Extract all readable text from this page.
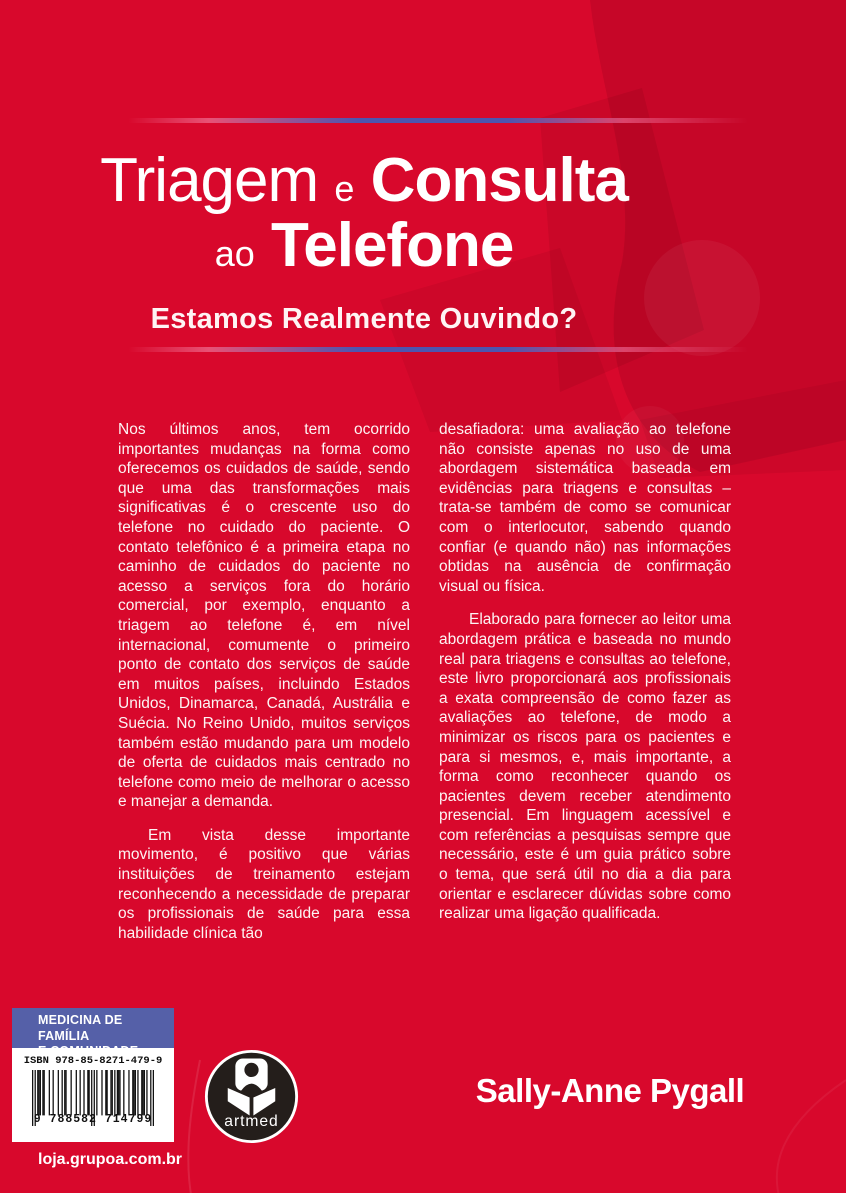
Triagem e Consulta
ao Telefone
Estamos Realmente Ouvindo?

Nos últimos anos, tem ocorrido importantes mudanças na forma como oferecemos os cuidados de saúde, sendo que uma das transformações mais significativas é o crescente uso do telefone no cuidado do paciente. O contato telefônico é a primeira etapa no caminho de cuidados do paciente no acesso a serviços fora do horário comercial, por exemplo, enquanto a triagem ao telefone é, em nível internacional, comumente o primeiro ponto de contato dos serviços de saúde em muitos países, incluindo Estados Unidos, Dinamarca, Canadá, Austrália e Suécia. No Reino Unido, muitos serviços também estão mudando para um modelo de oferta de cuidados mais centrado no telefone como meio de melhorar o acesso e manejar a demanda.

Em vista desse importante movimento, é positivo que várias instituições de treinamento estejam reconhecendo a necessidade de preparar os profissionais de saúde para essa habilidade clínica tão

desafiadora: uma avaliação ao telefone não consiste apenas no uso de uma abordagem sistemática baseada em evidências para triagens e consultas – trata-se também de como se comunicar com o interlocutor, sabendo quando confiar (e quando não) nas informações obtidas na ausência de confirmação visual ou física.

Elaborado para fornecer ao leitor uma abordagem prática e baseada no mundo real para triagens e consultas ao telefone, este livro proporcionará aos profissionais a exata compreensão de como fazer as avaliações ao telefone, de modo a minimizar os riscos para os pacientes e para si mesmos, e, mais importante, a forma como reconhecer quando os pacientes devem receber atendimento presencial. Em linguagem acessível e com referências a pesquisas sempre que necessário, este é um guia prático sobre o tema, que será útil no dia a dia para orientar e esclarecer dúvidas sobre como realizar uma ligação qualificada.

MEDICINA DE FAMÍLIA
ISBN 978-85-8271-479-9
9 788582 714799	artmed
Sally-Anne Pygall
loja.grupoa.com.br
